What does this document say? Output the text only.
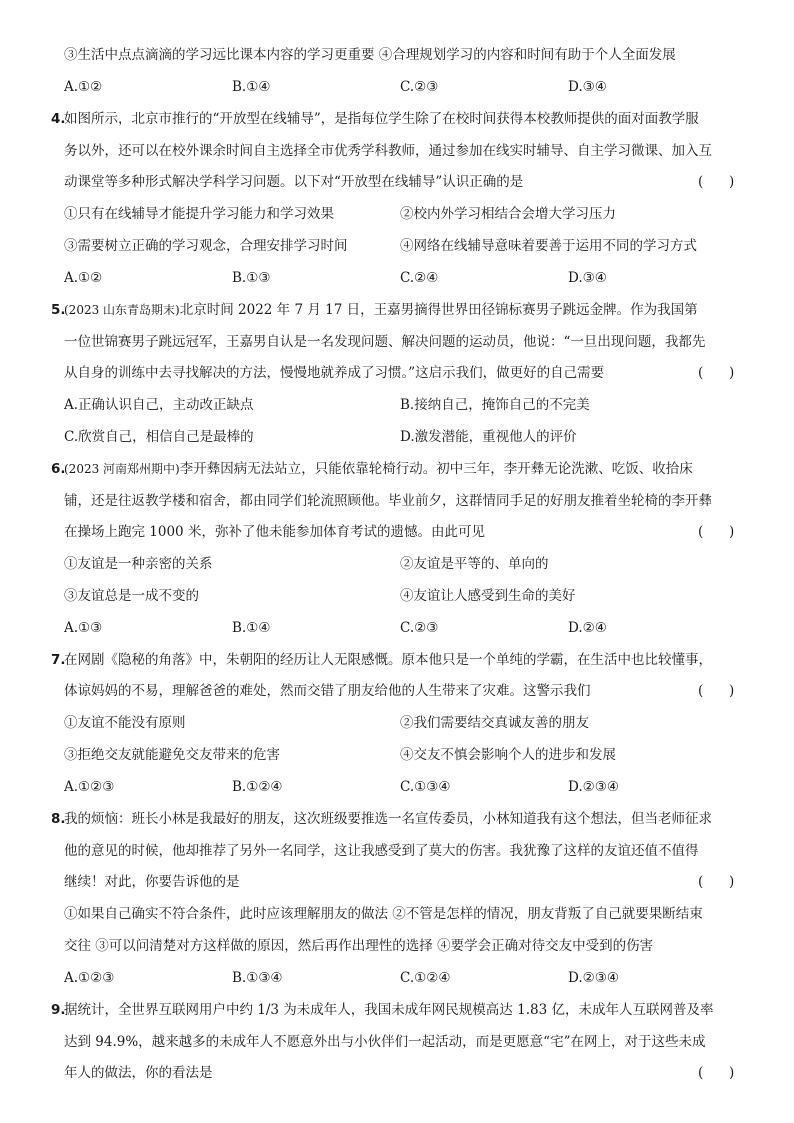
③生活中点点滴滴的学习远比课本内容的学习更重要 ④合理规划学习的内容和时间有助于个人全面发展
A.①②	B.①④	C.②③	D.③④
4.
如图所示，北京市推行的“开放型在线辅导”，是指每位学生除了在校时间获得本校教师提供的面对面教学服
务以外，还可以在校外课余时间自主选择全市优秀学科教师，通过参加在线实时辅导、自主学习微课、加入互
动课堂等多种形式解决学科学习问题。以下对“开放型在线辅导”认识正确的是	(      )
①只有在线辅导才能提升学习能力和学习效果	②校内外学习相结合会增大学习压力
③需要树立正确的学习观念，合理安排学习时间	④网络在线辅导意味着要善于运用不同的学习方式
A.①②	B.①③	C.②④	D.③④
5.
(2023 山东青岛期末)北京时间 2022 年 7 月 17 日，王嘉男摘得世界田径锦标赛男子跳远金牌。作为我国第
一位世锦赛男子跳远冠军，王嘉男自认是一名发现问题、解决问题的运动员，他说：“一旦出现问题，我都先
从自身的训练中去寻找解决的方法，慢慢地就养成了习惯。”这启示我们，做更好的自己需要	(      )
A.正确认识自己，主动改正缺点	B.接纳自己，掩饰自己的不完美
C.欣赏自己，相信自己是最棒的	D.激发潜能，重视他人的评价
6.
(2023 河南郑州期中)李开彝因病无法站立，只能依靠轮椅行动。初中三年，李开彝无论洗漱、吃饭、收拾床
铺，还是往返教学楼和宿舍，都由同学们轮流照顾他。毕业前夕，这群情同手足的好朋友推着坐轮椅的李开彝
在操场上跑完 1000 米，弥补了他未能参加体育考试的遗憾。由此可见	(      )
①友谊是一种亲密的关系	②友谊是平等的、单向的
③友谊总是一成不变的	④友谊让人感受到生命的美好
A.①③	B.①④	C.②③	D.②④
7.
在网剧《隐秘的角落》中，朱朝阳的经历让人无限感慨。原本他只是一个单纯的学霸，在生活中也比较懂事，
体谅妈妈的不易，理解爸爸的难处，然而交错了朋友给他的人生带来了灾难。这警示我们	(      )
①友谊不能没有原则	②我们需要结交真诚友善的朋友
③拒绝交友就能避免交友带来的危害	④交友不慎会影响个人的进步和发展
A.①②③	B.①②④	C.①③④	D.②③④
8.
我的烦恼：班长小林是我最好的朋友，这次班级要推选一名宣传委员，小林知道我有这个想法，但当老师征求
他的意见的时候，他却推荐了另外一名同学，这让我感受到了莫大的伤害。我犹豫了这样的友谊还值不值得
继续！对此，你要告诉他的是	(      )
①如果自己确实不符合条件，此时应该理解朋友的做法 ②不管是怎样的情况，朋友背叛了自己就要果断结束
交往 ③可以问清楚对方这样做的原因，然后再作出理性的选择 ④要学会正确对待交友中受到的伤害
A.①②③	B.①③④	C.①②④	D.②③④
9.
据统计，全世界互联网用户中约 1/3 为未成年人，我国未成年网民规模高达 1.83 亿，未成年人互联网普及率
达到 94.9%，越来越多的未成年人不愿意外出与小伙伴们一起活动，而是更愿意“宅”在网上，对于这些未成
年人的做法，你的看法是	(      )
